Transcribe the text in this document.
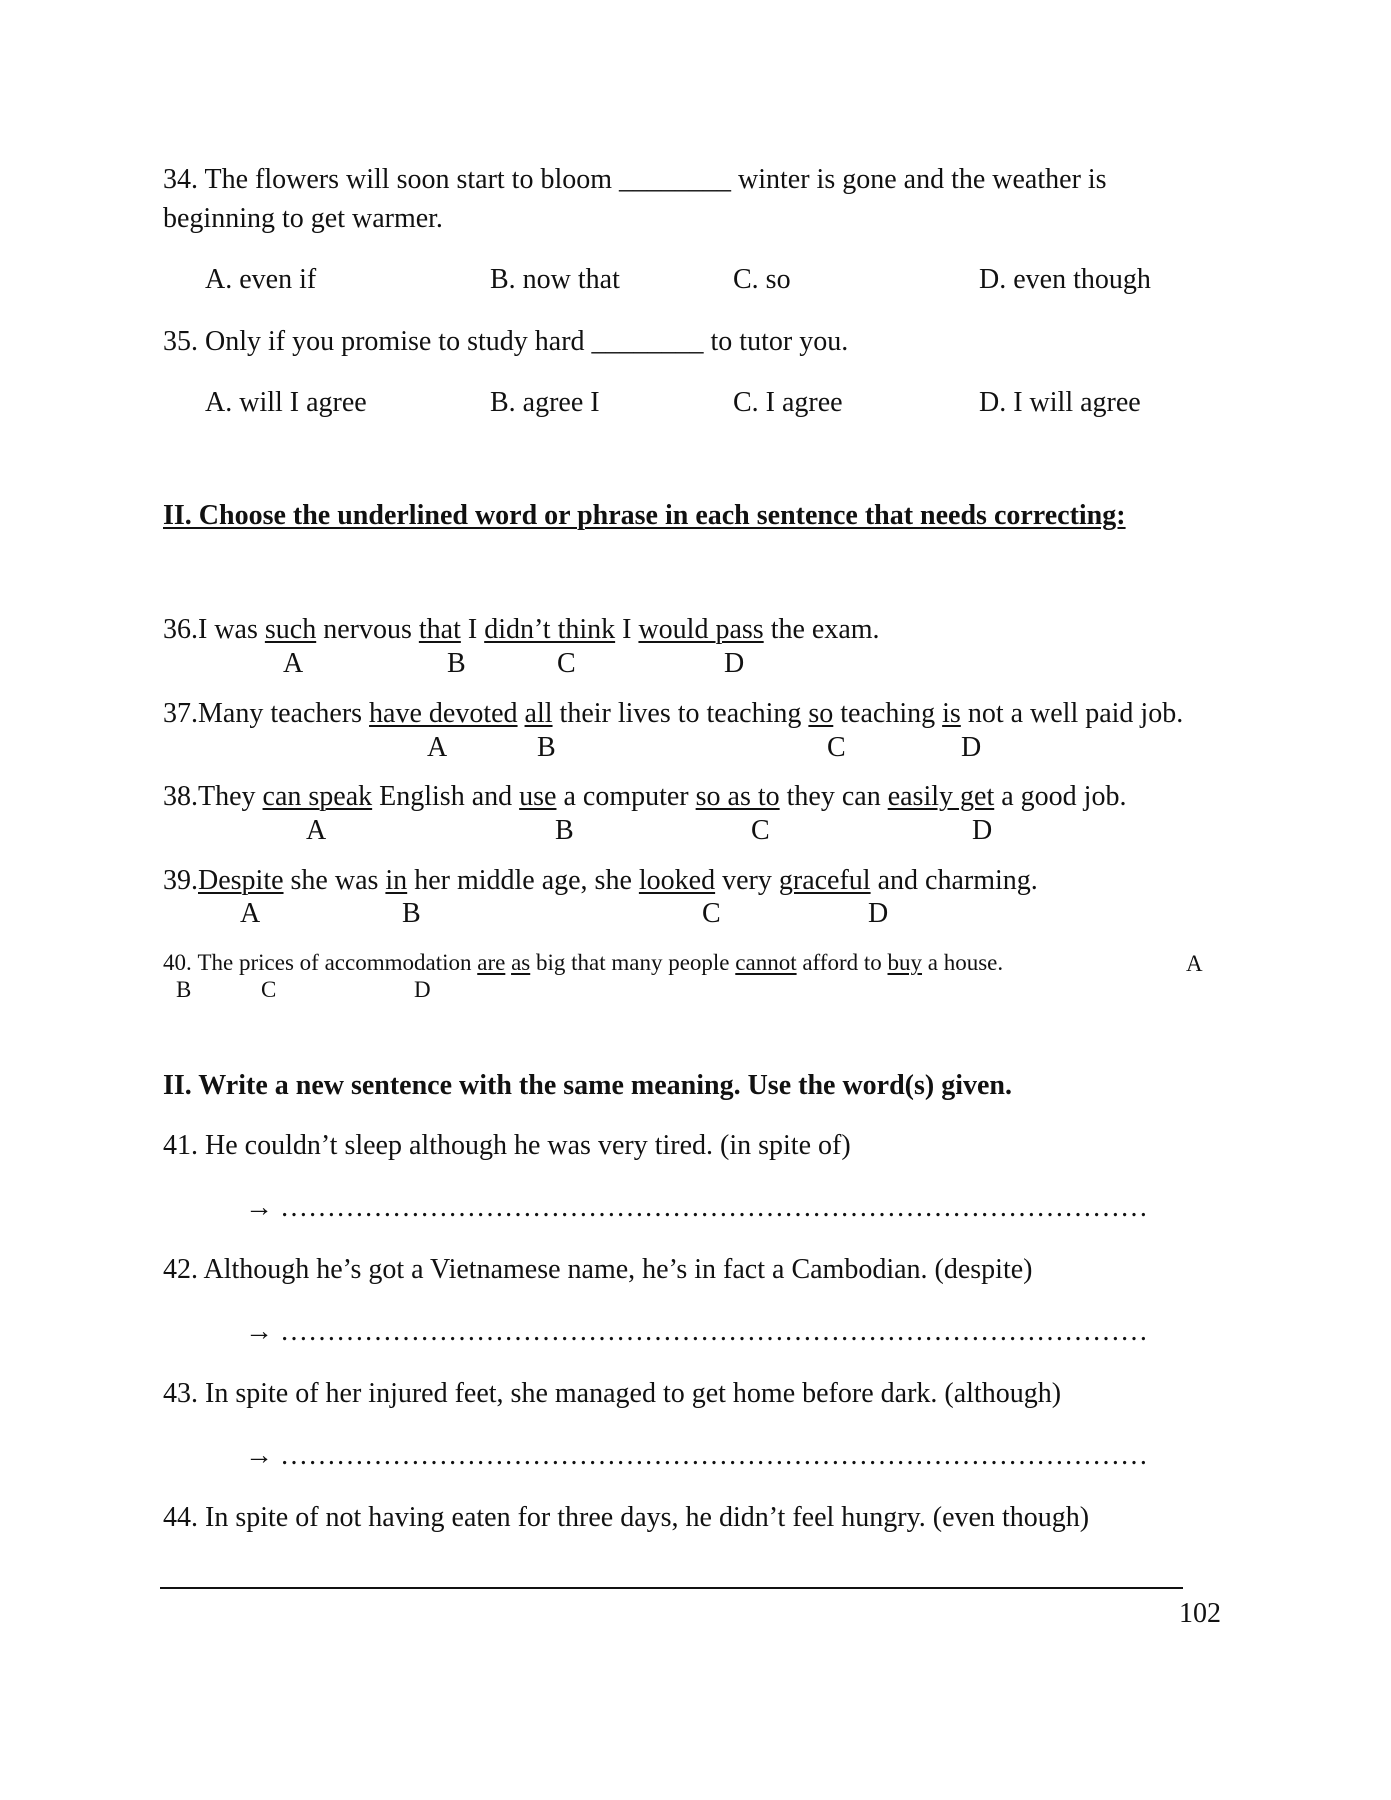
34. The flowers will soon start to bloom ________ winter is gone and the weather is
beginning to get warmer.
A. even if	B. now that	C. so	D. even though
35. Only if you promise to study hard ________ to tutor you.
A. will I agree	B. agree I	C. I agree	D. I will agree
II. Choose the underlined word or phrase in each sentence that needs correcting:
36.I was such nervous that I didn’t think I would pass the exam.
A	B	C	D
37.Many teachers have devoted all their lives to teaching so teaching is not a well paid job.
A	B	C	D
38.They can speak English and use a computer so as to they can easily get a good job.
A	B	C	D
39.Despite she was in her middle age, she looked very graceful and charming.
A	B	C	D
40. The prices of accommodation are as big that many people cannot afford to buy a house.	A
B	C	D
II. Write a new sentence with the same meaning. Use the word(s) given.
41. He couldn’t sleep although he was very tired. (in spite of)
→ …………………………………………………………………………………
42. Although he’s got a Vietnamese name, he’s in fact a Cambodian. (despite)
→ …………………………………………………………………………………
43. In spite of her injured feet, she managed to get home before dark. (although)
→ …………………………………………………………………………………
44. In spite of not having eaten for three days, he didn’t feel hungry. (even though)
102
